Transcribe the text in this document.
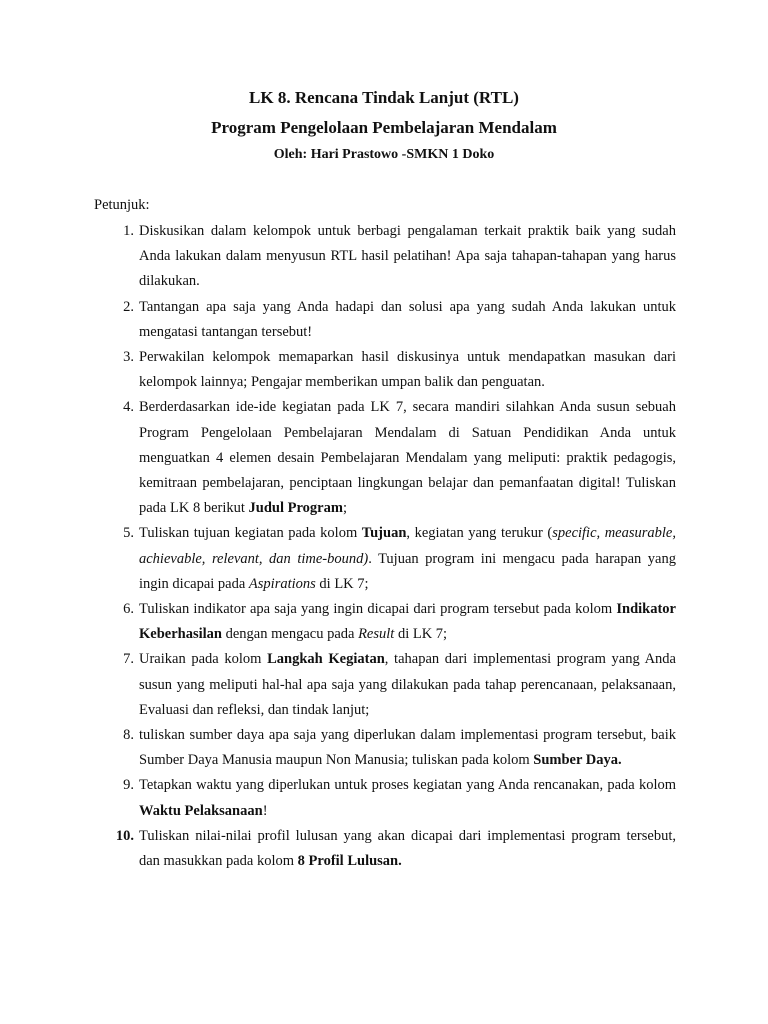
LK 8. Rencana Tindak Lanjut (RTL)
Program Pengelolaan Pembelajaran Mendalam
Oleh: Hari Prastowo -SMKN 1 Doko

Petunjuk:

1. Diskusikan dalam kelompok untuk berbagi pengalaman terkait praktik baik yang sudah Anda lakukan dalam menyusun RTL hasil pelatihan! Apa saja tahapan-tahapan yang harus dilakukan.
2. Tantangan apa saja yang Anda hadapi dan solusi apa yang sudah Anda lakukan untuk mengatasi tantangan tersebut!
3. Perwakilan kelompok memaparkan hasil diskusinya untuk mendapatkan masukan dari kelompok lainnya; Pengajar memberikan umpan balik dan penguatan.
4. Berderdasarkan ide-ide kegiatan pada LK 7, secara mandiri silahkan Anda susun sebuah Program Pengelolaan Pembelajaran Mendalam di Satuan Pendidikan Anda untuk menguatkan 4 elemen desain Pembelajaran Mendalam yang meliputi: praktik pedagogis, kemitraan pembelajaran, penciptaan lingkungan belajar dan pemanfaatan digital! Tuliskan pada LK 8 berikut Judul Program;
5. Tuliskan tujuan kegiatan pada kolom Tujuan, kegiatan yang terukur (specific, measurable, achievable, relevant, dan time-bound). Tujuan program ini mengacu pada harapan yang ingin dicapai pada Aspirations di LK 7;
6. Tuliskan indikator apa saja yang ingin dicapai dari program tersebut pada kolom Indikator Keberhasilan dengan mengacu pada Result di LK 7;
7. Uraikan pada kolom Langkah Kegiatan, tahapan dari implementasi program yang Anda susun yang meliputi hal-hal apa saja yang dilakukan pada tahap perencanaan, pelaksanaan, Evaluasi dan refleksi, dan tindak lanjut;
8. tuliskan sumber daya apa saja yang diperlukan dalam implementasi program tersebut, baik Sumber Daya Manusia maupun Non Manusia; tuliskan pada kolom Sumber Daya.
9. Tetapkan waktu yang diperlukan untuk proses kegiatan yang Anda rencanakan, pada kolom Waktu Pelaksanaan!
10. Tuliskan nilai-nilai profil lulusan yang akan dicapai dari implementasi program tersebut, dan masukkan pada kolom 8 Profil Lulusan.
